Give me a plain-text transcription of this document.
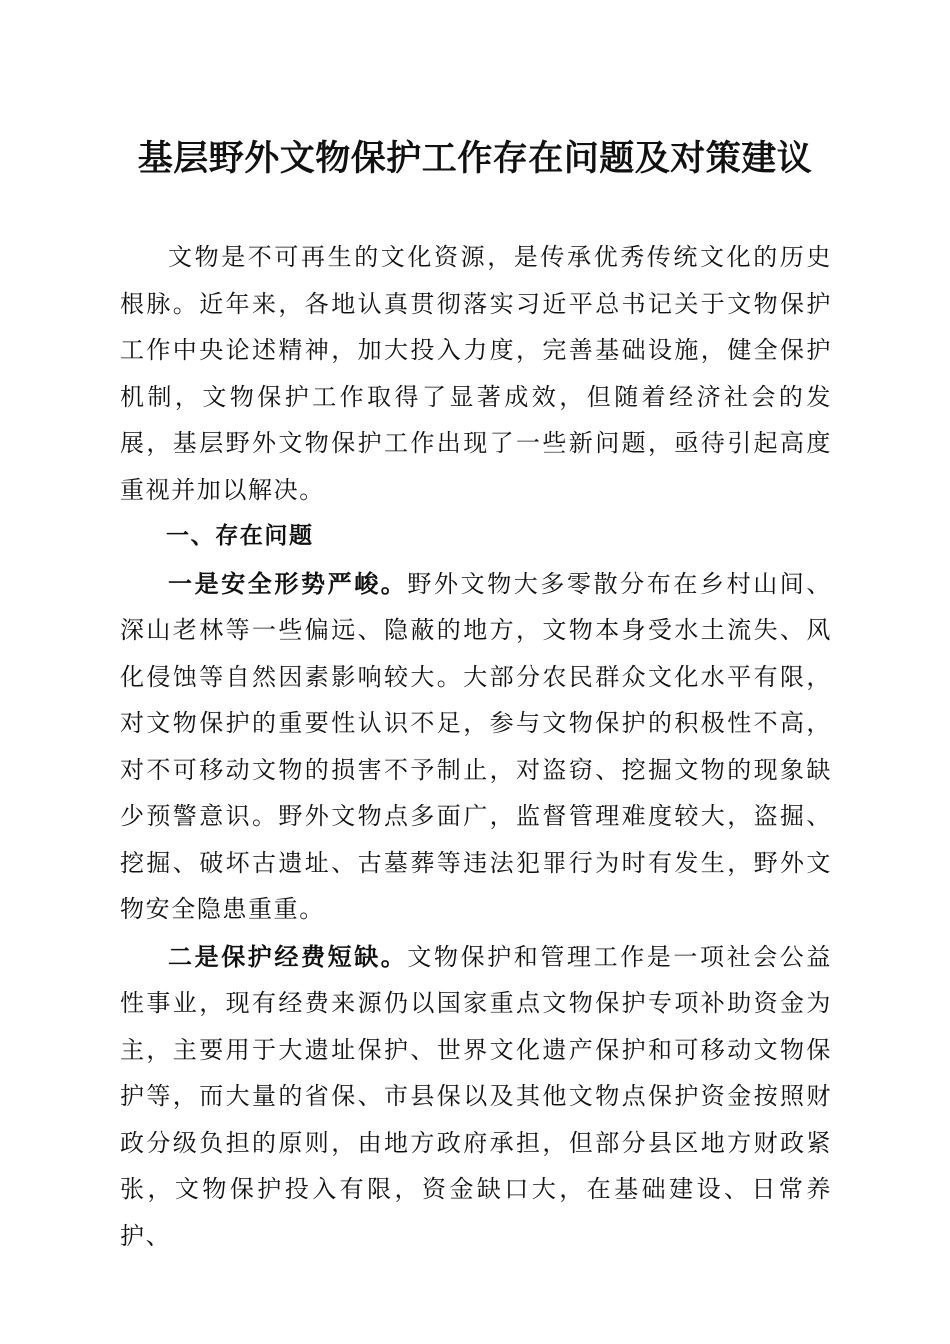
基层野外文物保护工作存在问题及对策建议

文物是不可再生的文化资源，是传承优秀传统文化的历史根脉。近年来，各地认真贯彻落实习近平总书记关于文物保护工作中央论述精神，加大投入力度，完善基础设施，健全保护机制，文物保护工作取得了显著成效，但随着经济社会的发展，基层野外文物保护工作出现了一些新问题，亟待引起高度重视并加以解决。

一、存在问题

一是安全形势严峻。野外文物大多零散分布在乡村山间、深山老林等一些偏远、隐蔽的地方，文物本身受水土流失、风化侵蚀等自然因素影响较大。大部分农民群众文化水平有限，对文物保护的重要性认识不足，参与文物保护的积极性不高，对不可移动文物的损害不予制止，对盗窃、挖掘文物的现象缺少预警意识。野外文物点多面广，监督管理难度较大，盗掘、挖掘、破坏古遗址、古墓葬等违法犯罪行为时有发生，野外文物安全隐患重重。

二是保护经费短缺。文物保护和管理工作是一项社会公益性事业，现有经费来源仍以国家重点文物保护专项补助资金为主，主要用于大遗址保护、世界文化遗产保护和可移动文物保护等，而大量的省保、市县保以及其他文物点保护资金按照财政分级负担的原则，由地方政府承担，但部分县区地方财政紧张，文物保护投入有限，资金缺口大，在基础建设、日常养护、
